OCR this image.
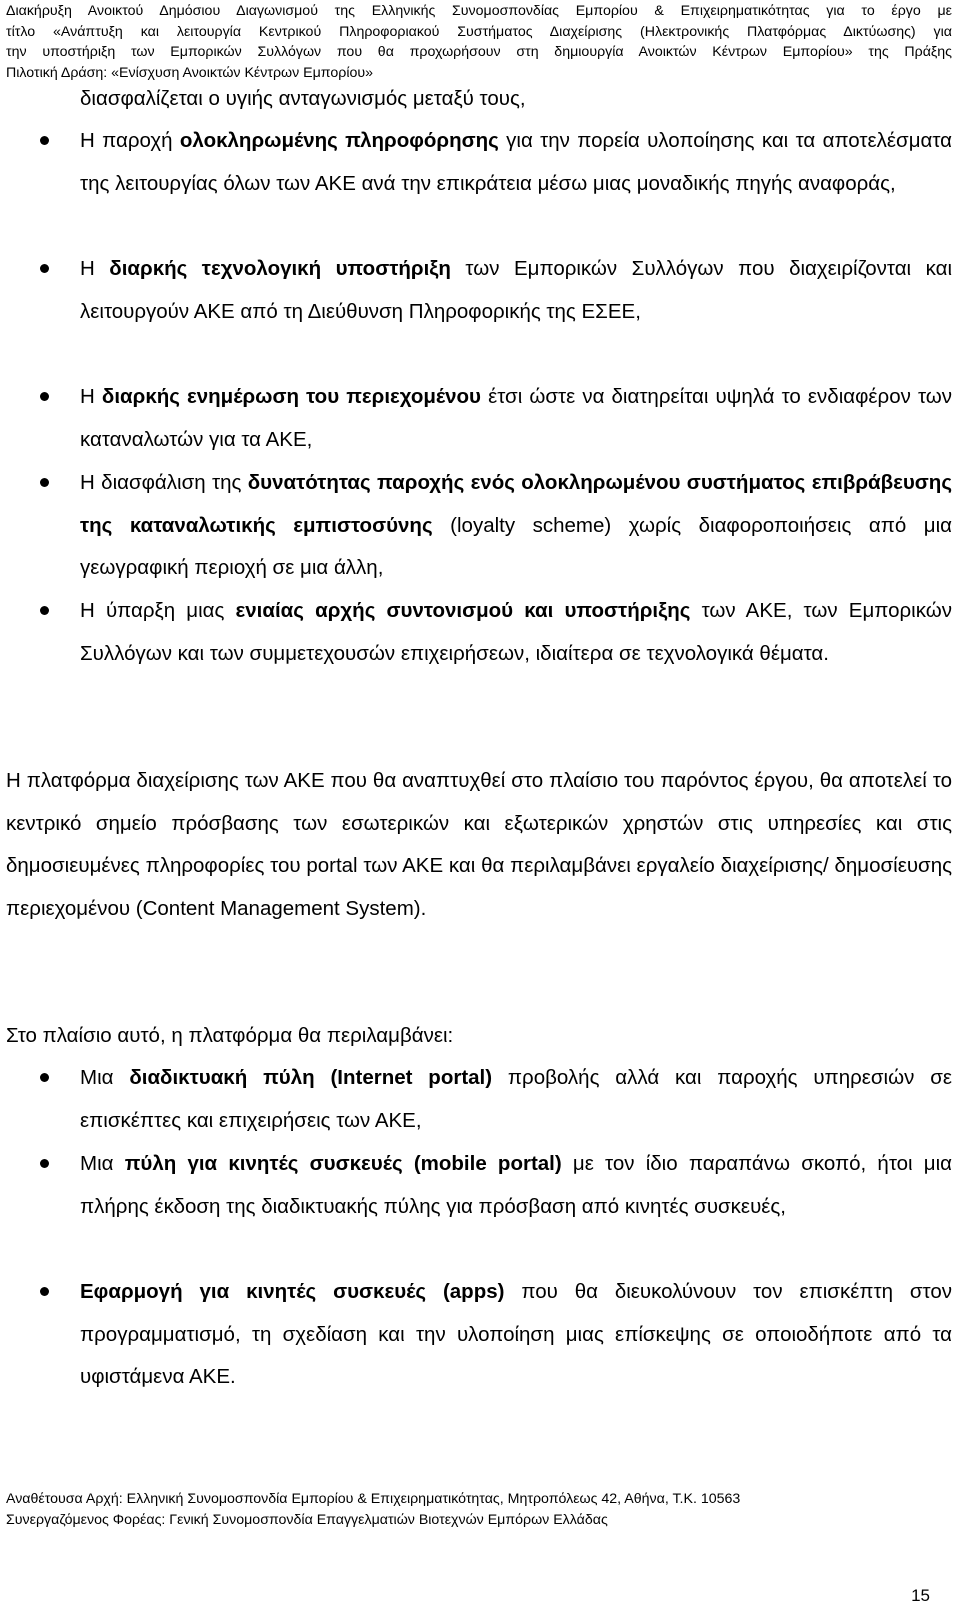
Διακήρυξη Ανοικτού Δημόσιου Διαγωνισμού της Ελληνικής Συνομοσπονδίας Εμπορίου & Επιχειρηματικότητας για το έργο με

τίτλο «Ανάπτυξη και λειτουργία Κεντρικού Πληροφοριακού Συστήματος Διαχείρισης (Ηλεκτρονικής Πλατφόρμας Δικτύωσης) για

την υποστήριξη των Εμπορικών Συλλόγων που θα προχωρήσουν στη δημιουργία Ανοικτών Κέντρων Εμπορίου» της Πράξης

Πιλοτική Δράση: «Ενίσχυση Ανοικτών Κέντρων Εμπορίου»

διασφαλίζεται ο υγιής ανταγωνισμός μεταξύ τους,
Η παροχή ολοκληρωμένης πληροφόρησης για την πορεία υλοποίησης και τα αποτελέσματα της λειτουργίας όλων των ΑΚΕ ανά την επικράτεια μέσω μιας μοναδικής πηγής αναφοράς,
Η διαρκής τεχνολογική υποστήριξη των Εμπορικών Συλλόγων που διαχειρίζονται και λειτουργούν ΑΚΕ από τη Διεύθυνση Πληροφορικής της ΕΣΕΕ,
Η διαρκής ενημέρωση του περιεχομένου έτσι ώστε να διατηρείται υψηλά το ενδιαφέρον των καταναλωτών για τα ΑΚΕ,
Η διασφάλιση της δυνατότητας παροχής ενός ολοκληρωμένου συστήματος επιβράβευσης της καταναλωτικής εμπιστοσύνης (loyalty scheme) χωρίς διαφοροποιήσεις από μια γεωγραφική περιοχή σε μια άλλη,
Η ύπαρξη μιας ενιαίας αρχής συντονισμού και υποστήριξης των ΑΚΕ, των Εμπορικών Συλλόγων και των συμμετεχουσών επιχειρήσεων, ιδιαίτερα σε τεχνολογικά θέματα.
Η πλατφόρμα διαχείρισης των ΑΚΕ που θα αναπτυχθεί στο πλαίσιο του παρόντος έργου, θα αποτελεί το κεντρικό σημείο πρόσβασης των εσωτερικών και εξωτερικών χρηστών στις υπηρεσίες και στις δημοσιευμένες πληροφορίες του portal των ΑΚΕ και θα περιλαμβάνει εργαλείο διαχείρισης/ δημοσίευσης περιεχομένου (Content Management System).
Στο πλαίσιο αυτό, η πλατφόρμα θα περιλαμβάνει:
Μια διαδικτυακή πύλη (Internet portal) προβολής αλλά και παροχής υπηρεσιών σε επισκέπτες και επιχειρήσεις των ΑΚΕ,
Μια πύλη για κινητές συσκευές (mobile portal) με τον ίδιο παραπάνω σκοπό, ήτοι μια πλήρης έκδοση της διαδικτυακής πύλης για πρόσβαση από κινητές συσκευές,
Εφαρμογή για κινητές συσκευές (apps) που θα διευκολύνουν τον επισκέπτη στον προγραμματισμό, τη σχεδίαση και την υλοποίηση μιας επίσκεψης σε οποιοδήποτε από τα υφιστάμενα ΑΚΕ.

Αναθέτουσα Αρχή: Ελληνική Συνομοσπονδία Εμπορίου & Επιχειρηματικότητας, Μητροπόλεως 42, Αθήνα, Τ.Κ. 10563

Συνεργαζόμενος Φορέας: Γενική Συνομοσπονδία Επαγγελματιών Βιοτεχνών Εμπόρων Ελλάδας

15
